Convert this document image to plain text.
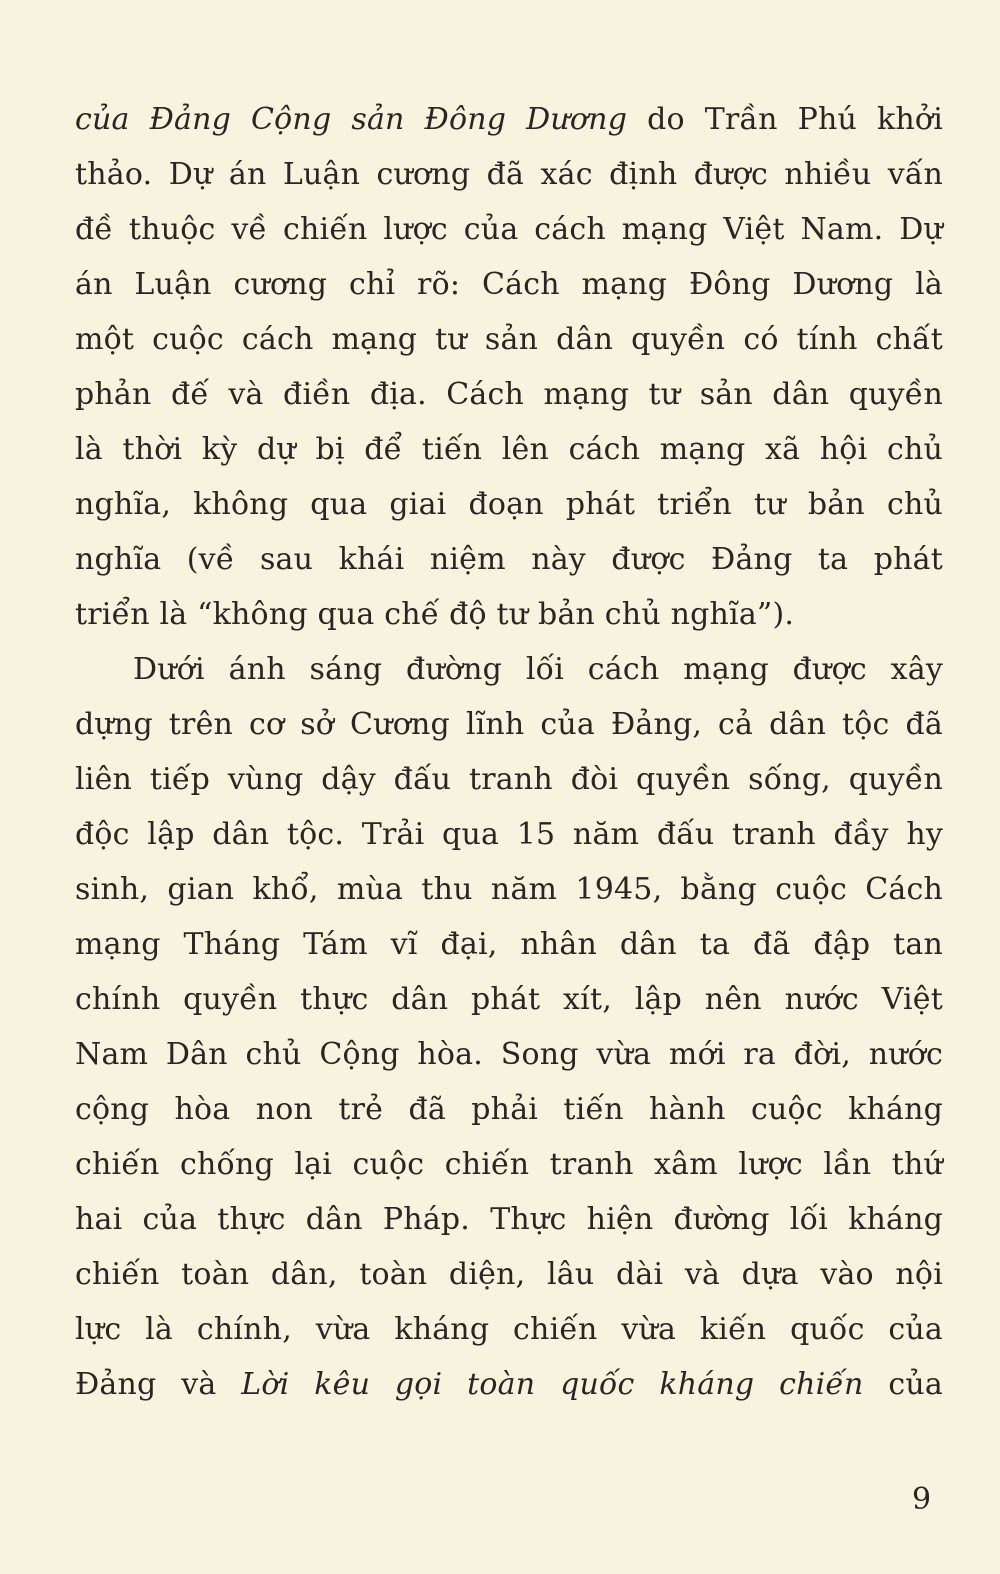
của Đảng Cộng sản Đông Dương do Trần Phú khởi
thảo. Dự án Luận cương đã xác định được nhiều vấn
đề thuộc về chiến lược của cách mạng Việt Nam. Dự
án Luận cương chỉ rõ: Cách mạng Đông Dương là
một cuộc cách mạng tư sản dân quyền có tính chất
phản đế và điền địa. Cách mạng tư sản dân quyền
là thời kỳ dự bị để tiến lên cách mạng xã hội chủ
nghĩa, không qua giai đoạn phát triển tư bản chủ
nghĩa (về sau khái niệm này được Đảng ta phát
triển là “không qua chế độ tư bản chủ nghĩa”).
Dưới ánh sáng đường lối cách mạng được xây
dựng trên cơ sở Cương lĩnh của Đảng, cả dân tộc đã
liên tiếp vùng dậy đấu tranh đòi quyền sống, quyền
độc lập dân tộc. Trải qua 15 năm đấu tranh đầy hy
sinh, gian khổ, mùa thu năm 1945, bằng cuộc Cách
mạng Tháng Tám vĩ đại, nhân dân ta đã đập tan
chính quyền thực dân phát xít, lập nên nước Việt
Nam Dân chủ Cộng hòa. Song vừa mới ra đời, nước
cộng hòa non trẻ đã phải tiến hành cuộc kháng
chiến chống lại cuộc chiến tranh xâm lược lần thứ
hai của thực dân Pháp. Thực hiện đường lối kháng
chiến toàn dân, toàn diện, lâu dài và dựa vào nội
lực là chính, vừa kháng chiến vừa kiến quốc của
Đảng và Lời kêu gọi toàn quốc kháng chiến của
9
